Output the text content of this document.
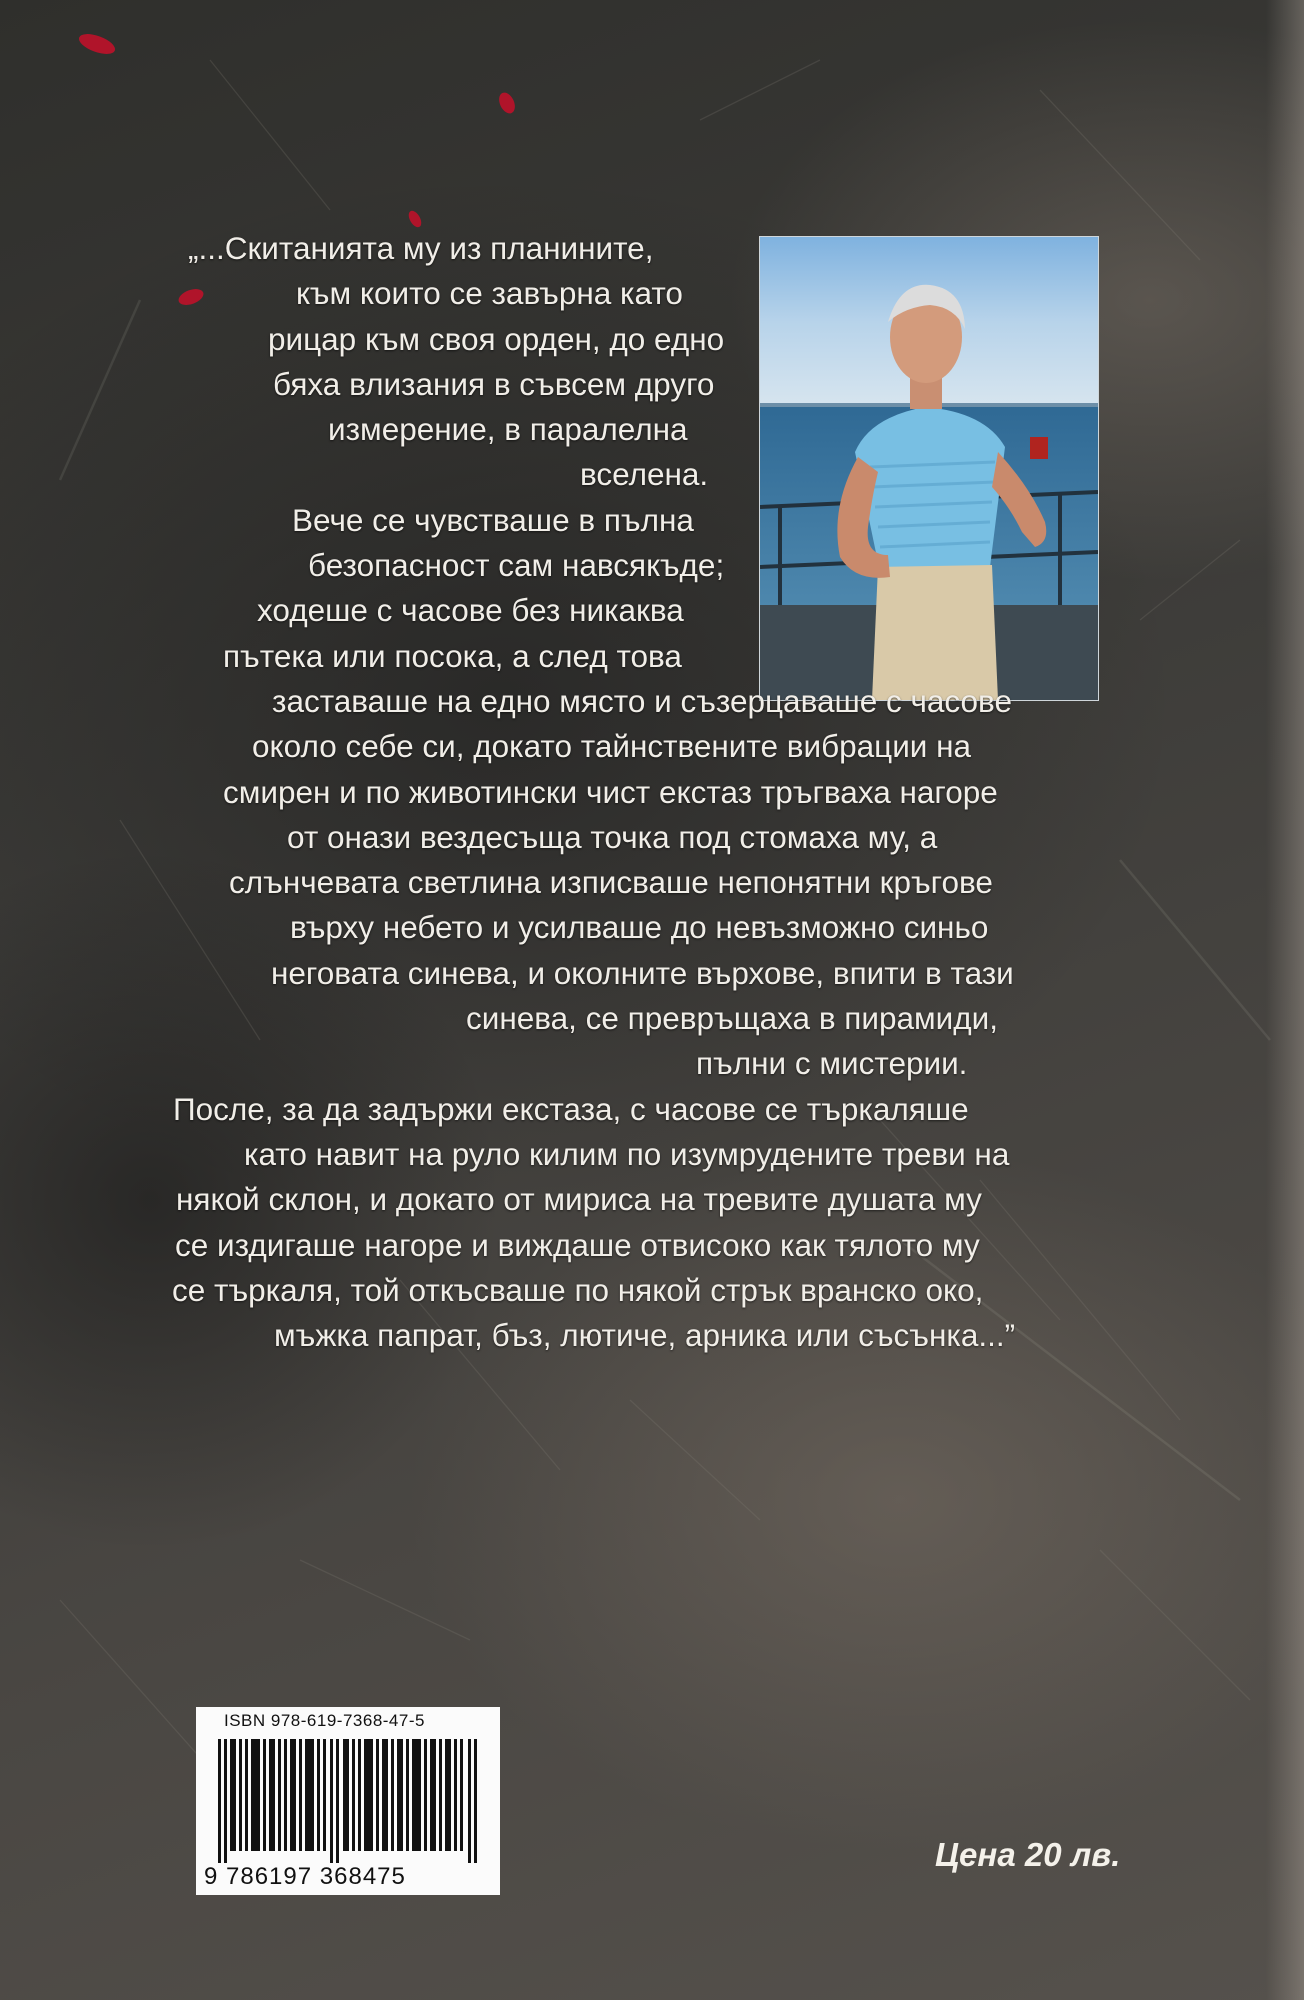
„...Скитанията му из планините,
към които се завърна като
рицар към своя орден, до едно
бяха влизания в съвсем друго
измерение, в паралелна
вселена.
Вече се чувстваше в пълна
безопасност сам навсякъде;
ходеше с часове без никаква
пътека или посока, а след това
заставаше на едно място и съзерцаваше с часове
около себе си, докато тайнствените вибрации на
смирен и по животински чист екстаз тръгваха нагоре
от онази вездесъща точка под стомаха му, а
слънчевата светлина изписваше непонятни кръгове
върху небето и усилваше до невъзможно синьо
неговата синева, и околните върхове, впити в тази
синева, се превръщаха в пирамиди,
пълни с мистерии.
После, за да задържи екстаза, с часове се търкаляше
като навит на руло килим по изумрудените треви на
някой склон, и докато от мириса на тревите душата му
се издигаше нагоре и виждаше отвисоко как тялото му
се търкаля, той откъсваше по някой стрък вранско око,
мъжка папрат, бъз, лютиче, арника или съсънка...”
ISBN 978-619-7368-47-5
9 786197 368475
Цена 20 лв.
